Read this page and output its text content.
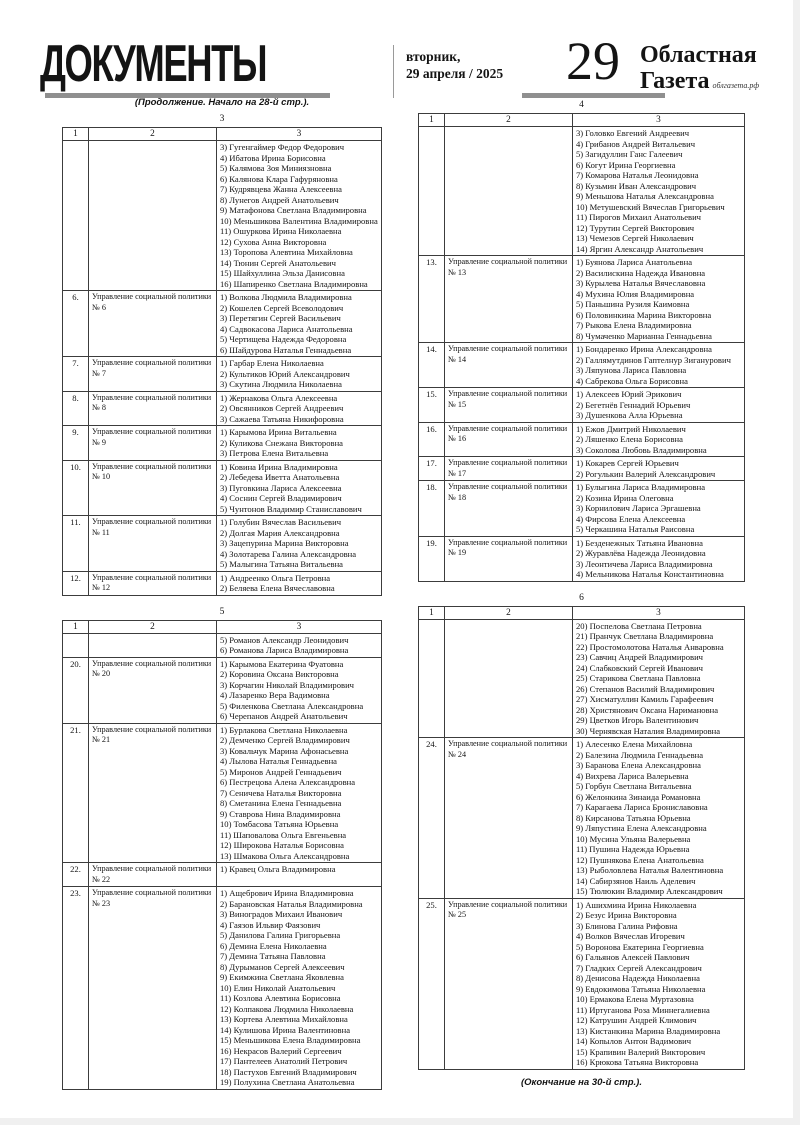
ДОКУМЕНТЫ	вторник,
29 апреля / 2025	29 Областная
Газета облгазета.рф
(Продолжение. Начало на 28-й стр.).
3
1	2	3

3) Гугенгаймер Федор Федорович
4) Ибатова Ирина Борисовна
5) Калямова Зоя Миниязновна
6) Калянова Клара Гафуряновна
7) Кудрявцева Жанна Алексеевна
8) Лунегов Андрей Анатольевич
9) Матафонова Светлана Владимировна
10) Меньшикова Валентина Владимировна
11) Ошуркова Ирина Николаевна
12) Сухова Анна Викторовна
13) Торопова Алевтина Михайловна
14) Тюнин Сергей Анатольевич
15) Шайхуллина Эльза Данисовна
16) Шапиренко Светлана Владимировна

6.	Управление социальной политики № 6	
1) Волкова Людмила Владимировна
2) Кошелев Сергей Всеволодович
3) Перетягин Сергей Васильевич
4) Садвокасова Лариса Анатольевна
5) Чертищева Надежда Федоровна
6) Шайдурова Наталья Геннадьевна

7.	Управление социальной политики № 7	1) Гарбар Елена Николаевна
2) Культиков Юрий Александрович
3) Скутина Людмила Николаевна

8.	Управление социальной политики № 8	1) Жернакова Ольга Алексеевна
2) Овсянников Сергей Андреевич
3) Сажаева Татьяна Никифоровна

9.	Управление социальной политики № 9	1) Карымова Ирина Витальевна
2) Куликова Снежана Викторовна
3) Петрова Елена Витальевна

10.	Управление социальной политики № 10	1) Ковина Ирина Владимировна
2) Лебедева Иветта Анатольевна
3) Пуговкина Лариса Алексеевна
4) Соснин Сергей Владимирович
5) Чунтонов Владимир Станиславович

11.	Управление социальной политики № 11	1) Голубин Вячеслав Васильевич
2) Долгая Мария Александровна
3) Зацепурина Марина Викторовна
4) Золотарева Галина Александровна
5) Малыгина Татьяна Витальевна

12.	Управление социальной политики № 12	1) Андреенко Ольга Петровна
2) Беляева Елена Вячеславовна
5
1	2	3

		5) Романов Александр Леонидович
6) Романова Лариса Владимировна

20.	Управление социальной политики № 20	
1) Карымова Екатерина Фуатовна
2) Коровина Оксана Викторовна
3) Корчагин Николай Владимирович
4) Лазаренко Вера Вадимовна
5) Филенкова Светлана Александровна
6) Черепанов Андрей Анатольевич

21.	Управление социальной политики № 21	
1) Бурлакова Светлана Николаевна
2) Демченко Сергей Владимирович
3) Ковальчук Марина Афонасьевна
4) Лылова Наталья Геннадьевна
5) Миронов Андрей Геннадьевич
6) Пестрецова Алена Александровна
7) Сеничева Наталья Викторовна
8) Сметанина Елена Геннадьевна
9) Ставрова Нина Владимировна
10) Томбасова Татьяна Юрьевна
11) Шаповалова Ольга Евгеньевна
12) Широкова Наталья Борисовна
13) Шмакова Ольга Александровна

22.	Управление социальной политики № 22	1) Кравец Ольга Владимировна

23.	Управление социальной политики № 23	
1) Ащебрович Ирина Владимировна
2) Барановская Наталья Владимировна
3) Виноградов Михаил Иванович
4) Гаязов Ильвир Фаязович
5) Данилова Галина Григорьевна
6) Демина Елена Николаевна
7) Демина Татьяна Павловна
8) Дурыманов Сергей Алексеевич
9) Екимжина Светлана Яковлевна
10) Елин Николай Анатольевич
11) Козлова Алевтина Борисовна
12) Колпакова Людмила Николаевна
13) Кортева Алевтина Михайловна
14) Кулишова Ирина Валентиновна
15) Меньшикова Елена Владимировна
16) Некрасов Валерий Сергеевич
17) Пантелеев Анатолий Петрович
18) Пастухов Евгений Владимирович
19) Полухина Светлана Анатольевна
4
1	2	3

3) Головко Евгений Андреевич
4) Грибанов Андрей Витальевич
5) Загидуллин Ганс Галеевич
6) Когут Ирина Георгиевна
7) Комарова Наталья Леонидовна
8) Кузьмин Иван Александрович
9) Меньшова Наталья Александровна
10) Метушевский Вячеслав Григорьевич
11) Пирогов Михаил Анатольевич
12) Турутин Сергей Викторович
13) Чемезов Сергей Николаевич
14) Яргин Александр Анатольевич

13.	Управление социальной политики № 13	
1) Буянова Лариса Анатольевна
2) Василискина Надежда Ивановна
3) Курылева Наталья Вячеславовна
4) Мухина Юлия Владимировна
5) Паньшина Рузиля Каимовна
6) Половинкина Марина Викторовна
7) Рыкова Елена Владимировна
8) Чумаченко Марианна Геннадьевна

14.	Управление социальной политики № 14	1) Бондаренко Ирина Александровна
2) Галлямутдинов Гаптелнур Зиганурович
3) Ляпунова Лариса Павловна
4) Сабрекова Ольга Борисовна

15.	Управление социальной политики № 15	1) Алексеев Юрий Эрикович
2) Бегетнёв Геннадий Юрьевич
3) Душенкова Алла Юрьевна

16.	Управление социальной политики № 16	1) Ежов Дмитрий Николаевич
2) Ляшенко Елена Борисовна
3) Соколова Любовь Владимировна

17.	Управление социальной политики № 17	1) Кокарев Сергей Юрьевич
2) Рогулькин Валерий Александрович

18.	Управление социальной политики № 18	1) Булыгина Лариса Владимировна
2) Козина Ирина Олеговна
3) Корнилович Лариса Эргашевна
4) Фирсова Елена Алексеевна
5) Черкашина Наталья Раисовна

19.	Управление социальной политики № 19	1) Безденежных Татьяна Ивановна
2) Журавлёва Надежда Леонидовна
3) Леонтичева Лариса Владимировна
4) Мельникова Наталья Константиновна
6
1	2	3

20) Поспелова Светлана Петровна
21) Пранчук Светлана Владимировна
22) Простомолотова Наталья Анваровна
23) Савчиц Андрей Владимирович
24) Слабковский Сергей Иванович
25) Старикова Светлана Павловна
26) Степанов Василий Владимирович
27) Хисматуллин Камиль Гарафеевич
28) Христянович Оксана Наримановна
29) Цветков Игорь Валентинович
30) Чернявская Наталия Владимировна

24.	Управление социальной политики № 24	
1) Алесенко Елена Михайловна
2) Балезина Людмила Геннадьевна
3) Баранова Елена Александровна
4) Вихрева Лариса Валерьевна
5) Горбун Светлана Витальевна
6) Желонкина Зинаида Романовна
7) Карагаева Лариса Брониславовна
8) Кирсанова Татьяна Юрьевна
9) Ляпустина Елена Александровна
10) Мусина Ульяна Валерьевна
11) Пушина Надежда Юрьевна
12) Пушнякова Елена Анатольевна
13) Рыболовлева Наталья Валентиновна
14) Сабирзянов Наиль Аделевич
15) Тюлюкин Владимир Александрович

25.	Управление социальной политики № 25	
1) Ашихмина Ирина Николаевна
2) Безус Ирина Викторовна
3) Блинова Галина Рифовна
4) Волков Вячеслав Игоревич
5) Воронова Екатерина Георгиевна
6) Гальянов Алексей Павлович
7) Гладких Сергей Александрович
8) Денисова Надежда Николаевна
9) Евдокимова Татьяна Николаевна
10) Ермакова Елена Муртазовна
11) Иртуганова Роза Миннегалиевна
12) Катрушин Андрей Климович
13) Кистанкина Марина Владимировна
14) Копылов Антон Вадимович
15) Крапивин Валерий Викторович
16) Крюкова Татьяна Викторовна
(Окончание на 30-й стр.).
